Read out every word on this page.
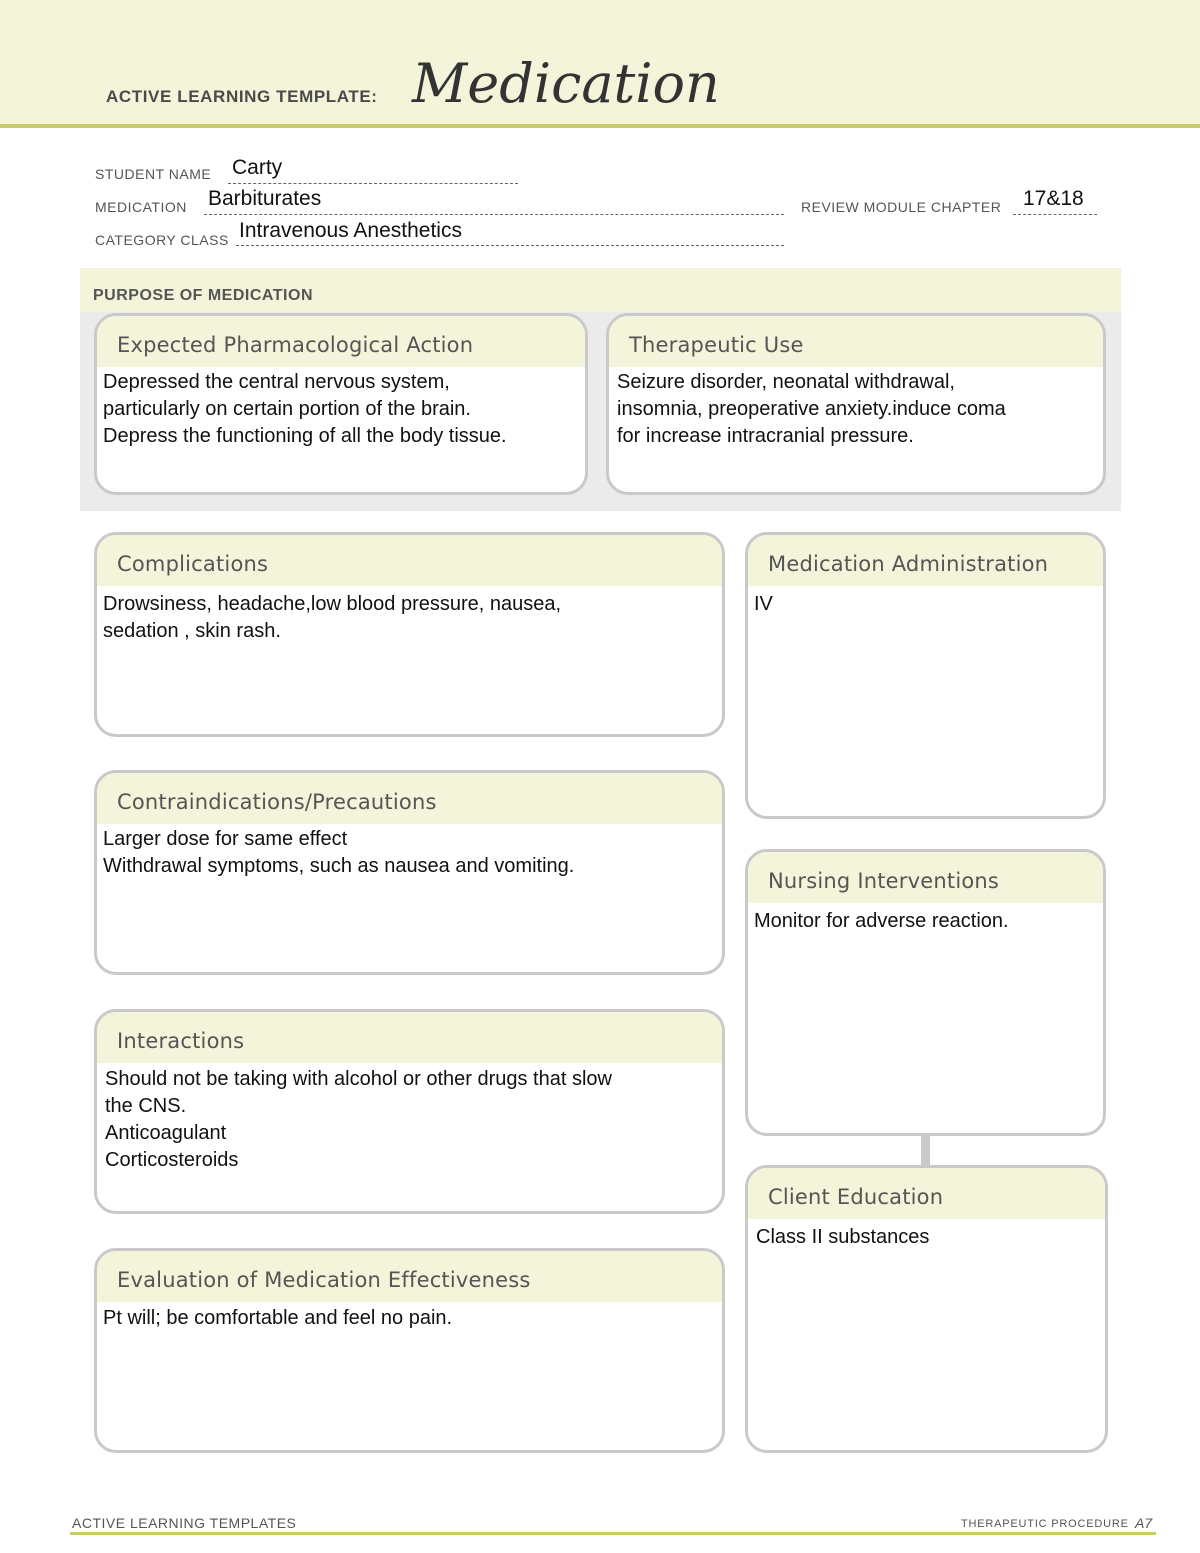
ACTIVE LEARNING TEMPLATE: Medication
STUDENT NAME Carty
MEDICATION Barbiturates	REVIEW MODULE CHAPTER 17&18
CATEGORY CLASS Intravenous Anesthetics
PURPOSE OF MEDICATION
Expected Pharmacological Action
Depressed the central nervous system,
particularly on certain portion of the brain.
Depress the functioning of all the body tissue.
Therapeutic Use
Seizure disorder, neonatal withdrawal,
insomnia, preoperative anxiety.induce coma
for increase intracranial pressure.
Complications
Drowsiness, headache,low blood pressure, nausea,
sedation , skin rash.
Contraindications/Precautions
Larger dose for same effect
Withdrawal symptoms, such as nausea and vomiting.
Interactions
Should not be taking with alcohol or other drugs that slow
the CNS.
Anticoagulant
Corticosteroids
Evaluation of Medication Effectiveness
Pt will; be comfortable and feel no pain.
Medication Administration
IV
Nursing Interventions
Monitor for adverse reaction.
Client Education
Class II substances
ACTIVE LEARNING TEMPLATES	THERAPEUTIC PROCEDURE A7
